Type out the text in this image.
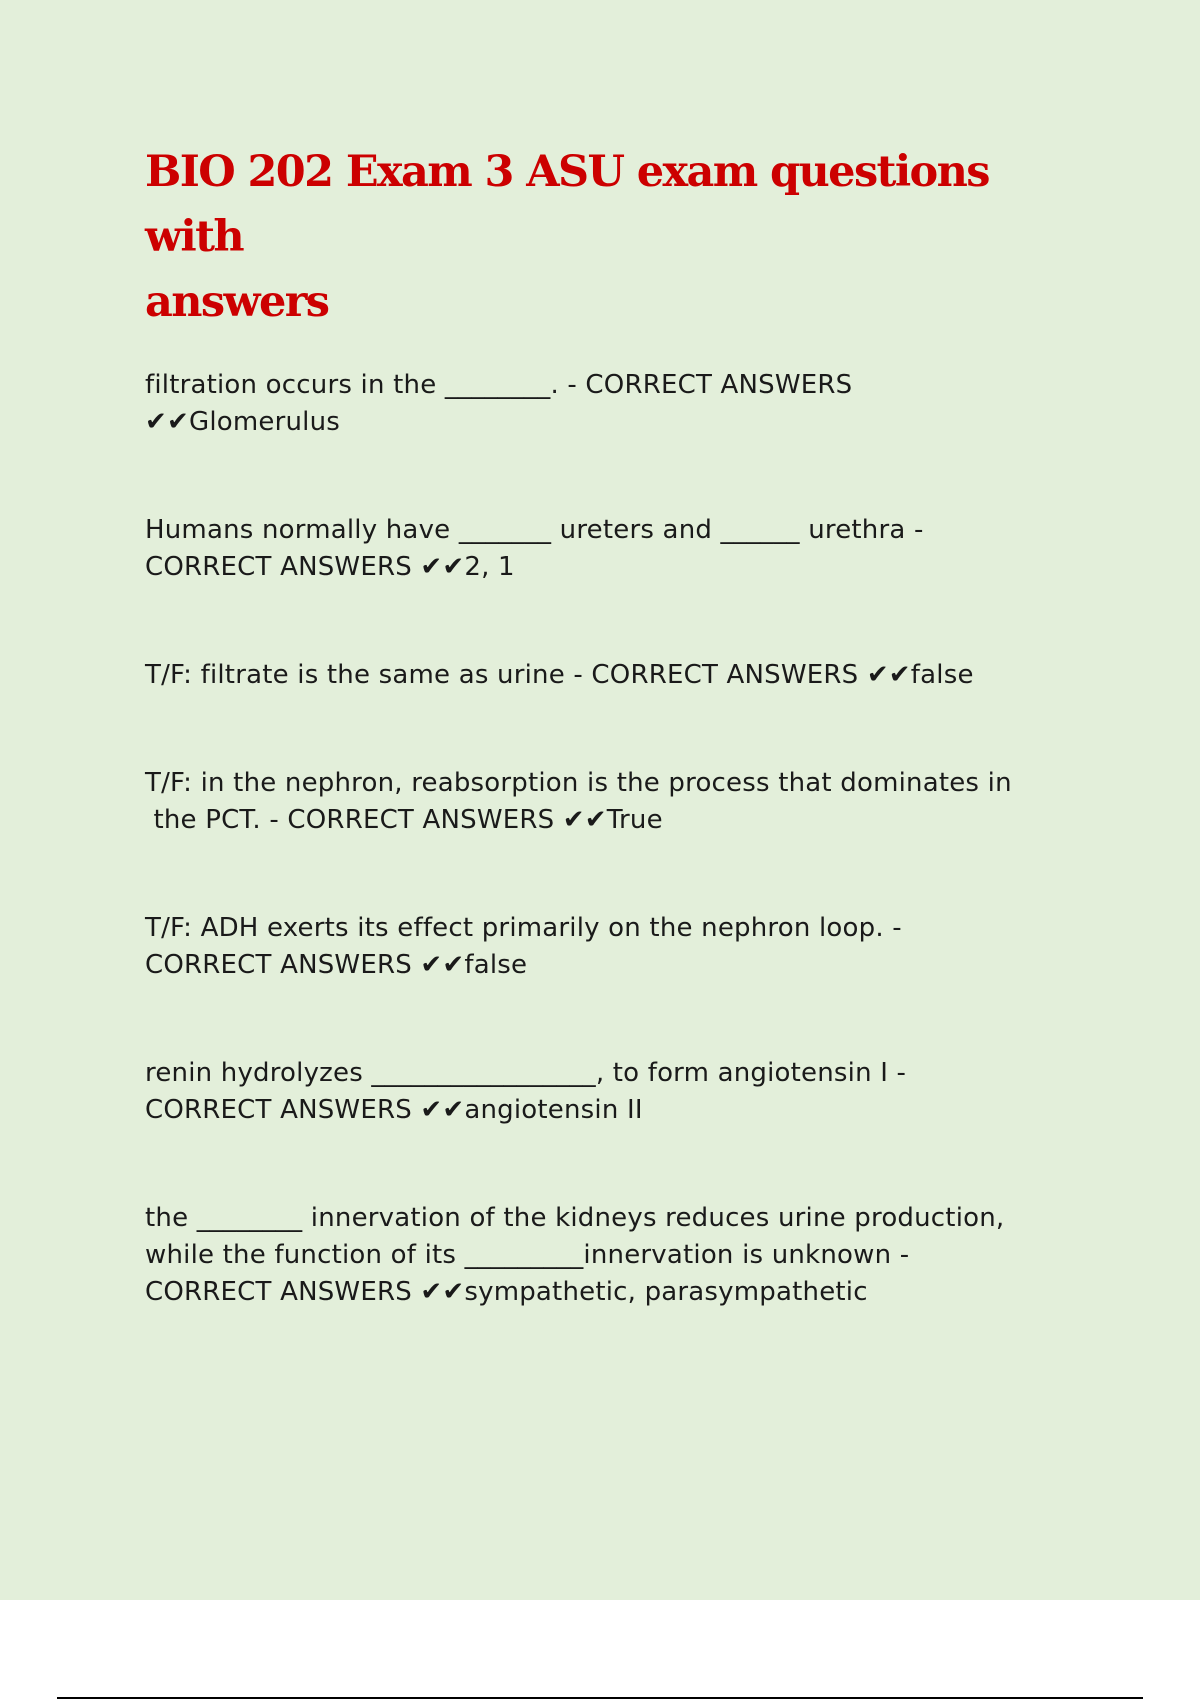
BIO 202 Exam 3 ASU exam questions with
answers

filtration occurs in the ________. - CORRECT ANSWERS
✔✔Glomerulus

Humans normally have _______ ureters and ______ urethra -
CORRECT ANSWERS ✔✔2, 1

T/F: filtrate is the same as urine - CORRECT ANSWERS ✔✔false

T/F: in the nephron, reabsorption is the process that dominates in
the PCT. - CORRECT ANSWERS ✔✔True

T/F: ADH exerts its effect primarily on the nephron loop. -
CORRECT ANSWERS ✔✔false

renin hydrolyzes _________________, to form angiotensin I -
CORRECT ANSWERS ✔✔angiotensin II

the ________ innervation of the kidneys reduces urine production,
while the function of its _________innervation is unknown -
CORRECT ANSWERS ✔✔sympathetic, parasympathetic
